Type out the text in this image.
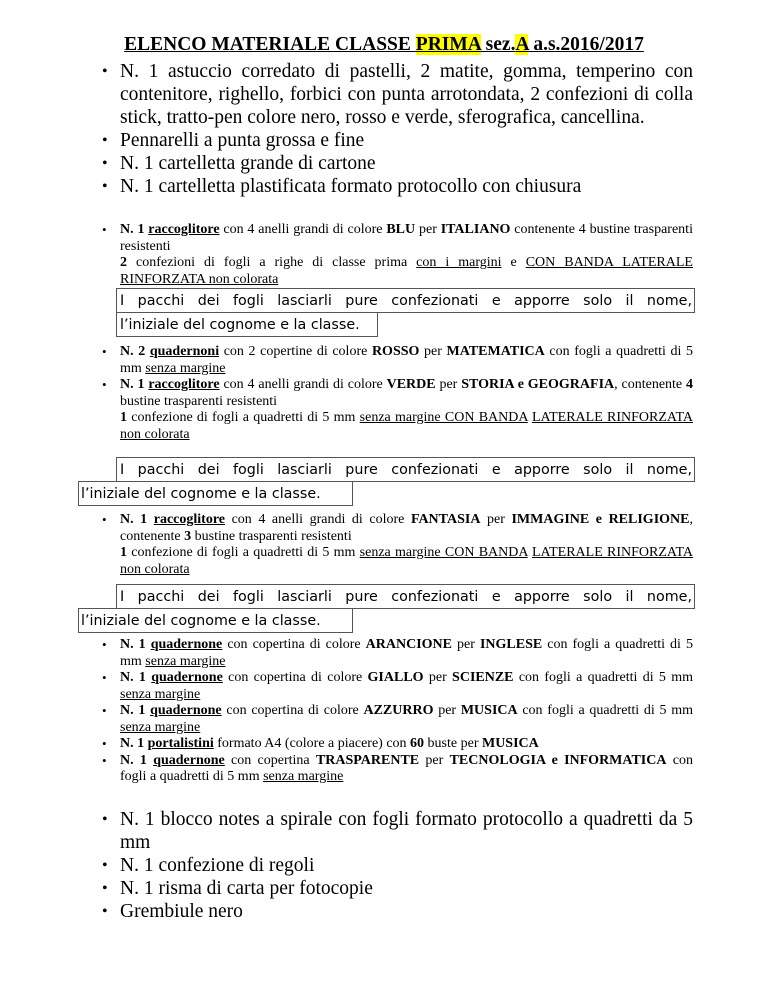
ELENCO MATERIALE CLASSE PRIMA sez.A a.s.2016/2017
• N. 1 astuccio corredato di pastelli, 2 matite, gomma, temperino con contenitore, righello, forbici con punta arrotondata, 2 confezioni di colla stick, tratto-pen colore nero, rosso e verde, sferografica, cancellina.
• Pennarelli a punta grossa e fine
• N. 1 cartelletta grande di cartone
• N. 1 cartelletta plastificata formato protocollo con chiusura
• N. 1 raccoglitore con 4 anelli grandi di colore BLU per ITALIANO contenente 4 bustine trasparenti resistenti
2 confezioni di fogli a righe di classe prima con i margini e CON BANDA LATERALE RINFORZATA non colorata
I pacchi dei fogli lasciarli pure confezionati e apporre solo il nome,
l’iniziale del cognome e la classe.
• N. 2 quadernoni con 2 copertine di colore ROSSO per MATEMATICA con fogli a quadretti di 5 mm senza margine
• N. 1 raccoglitore con 4 anelli grandi di colore VERDE per STORIA e GEOGRAFIA, contenente 4 bustine trasparenti resistenti
1 confezione di fogli a quadretti di 5 mm senza margine CON BANDA LATERALE RINFORZATA non colorata
I pacchi dei fogli lasciarli pure confezionati e apporre solo il nome,
l’iniziale del cognome e la classe.
• N. 1 raccoglitore con 4 anelli grandi di colore FANTASIA per IMMAGINE e RELIGIONE, contenente 3 bustine trasparenti resistenti
1 confezione di fogli a quadretti di 5 mm senza margine CON BANDA LATERALE RINFORZATA non colorata
I pacchi dei fogli lasciarli pure confezionati e apporre solo il nome,
l’iniziale del cognome e la classe.
• N. 1 quadernone con copertina di colore ARANCIONE per INGLESE con fogli a quadretti di 5 mm senza margine
• N. 1 quadernone con copertina di colore GIALLO per SCIENZE con fogli a quadretti di 5 mm senza margine
• N. 1 quadernone con copertina di colore AZZURRO per MUSICA con fogli a quadretti di 5 mm senza margine
• N. 1 portalistini formato A4 (colore a piacere) con 60 buste per MUSICA
• N. 1 quadernone con copertina TRASPARENTE per TECNOLOGIA e INFORMATICA con fogli a quadretti di 5 mm senza margine
• N. 1 blocco notes a spirale con fogli formato protocollo a quadretti da 5 mm
• N. 1 confezione di regoli
• N. 1 risma di carta per fotocopie
• Grembiule nero
